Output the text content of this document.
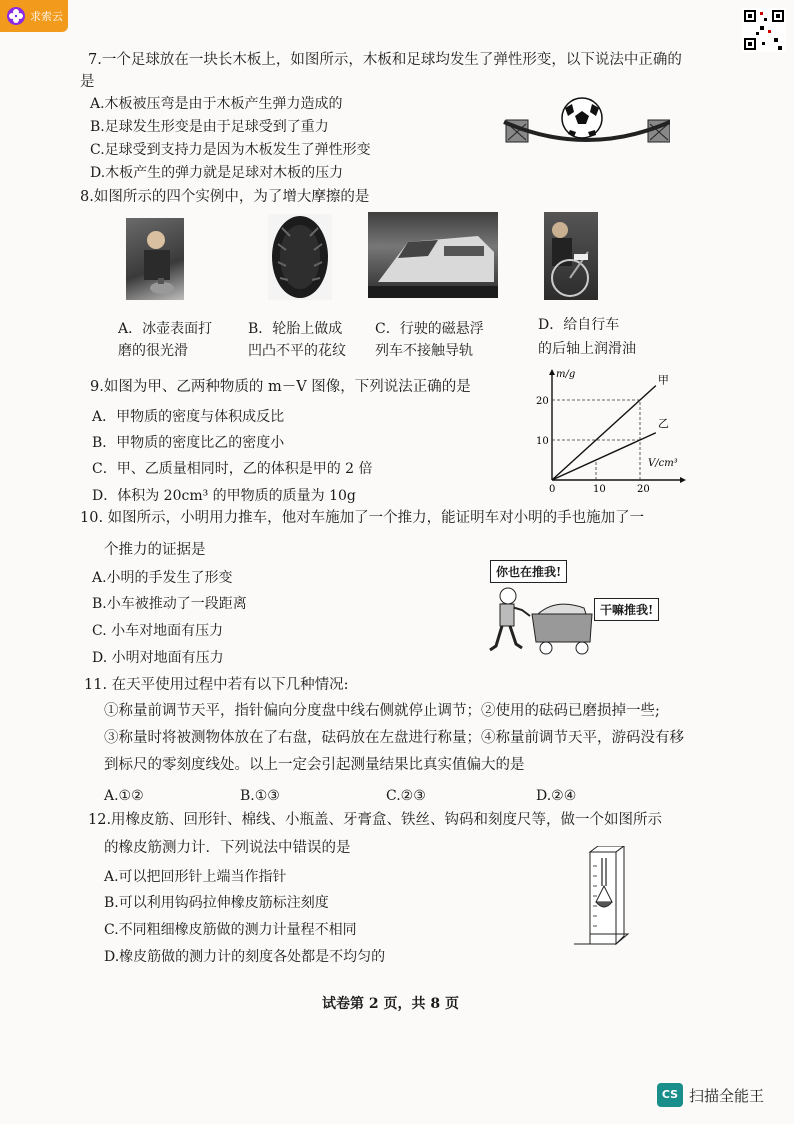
求索云
7.一个足球放在一块长木板上，如图所示，木板和足球均发生了弹性形变，以下说法中正确的
是
A.木板被压弯是由于木板产生弹力造成的
B.足球发生形变是由于足球受到了重力
C.足球受到支持力是因为木板发生了弹性形变
D.木板产生的弹力就是足球对木板的压力
8.如图所示的四个实例中，为了增大摩擦的是
A．冰壶表面打
磨的很光滑
B．轮胎上做成
凹凸不平的花纹
C．行驶的磁悬浮
列车不接触导轨
D．给自行车
的后轴上润滑油
9.如图为甲、乙两种物质的 m－V 图像，下列说法正确的是
A．甲物质的密度与体积成反比
B．甲物质的密度比乙的密度小
C．甲、乙质量相同时，乙的体积是甲的 2 倍
D．体积为 20cm³ 的甲物质的质量为 10g
m/g
V/cm³
0	10	20
10
20
甲
乙
10. 如图所示，小明用力推车，他对车施加了一个推力，能证明车对小明的手也施加了一
个推力的证据是
A.小明的手发生了形变
B.小车被推动了一段距离
C. 小车对地面有压力
D. 小明对地面有压力
你也在推我!
干嘛推我!
11. 在天平使用过程中若有以下几种情况:
①称量前调节天平，指针偏向分度盘中线右侧就停止调节；②使用的砝码已磨损掉一些;
③称量时将被测物体放在了右盘，砝码放在左盘进行称量；④称量前调节天平，游码没有移
到标尺的零刻度线处。以上一定会引起测量结果比真实值偏大的是
A.①②	B.①③	C.②③	D.②④
12.用橡皮筋、回形针、棉线、小瓶盖、牙膏盒、铁丝、钩码和刻度尺等，做一个如图所示
的橡皮筋测力计．下列说法中错误的是
A.可以把回形针上端当作指针
B.可以利用钩码拉伸橡皮筋标注刻度
C.不同粗细橡皮筋做的测力计量程不相同
D.橡皮筋做的测力计的刻度各处都是不均匀的
试卷第 2 页，共 8 页
CS 扫描全能王
